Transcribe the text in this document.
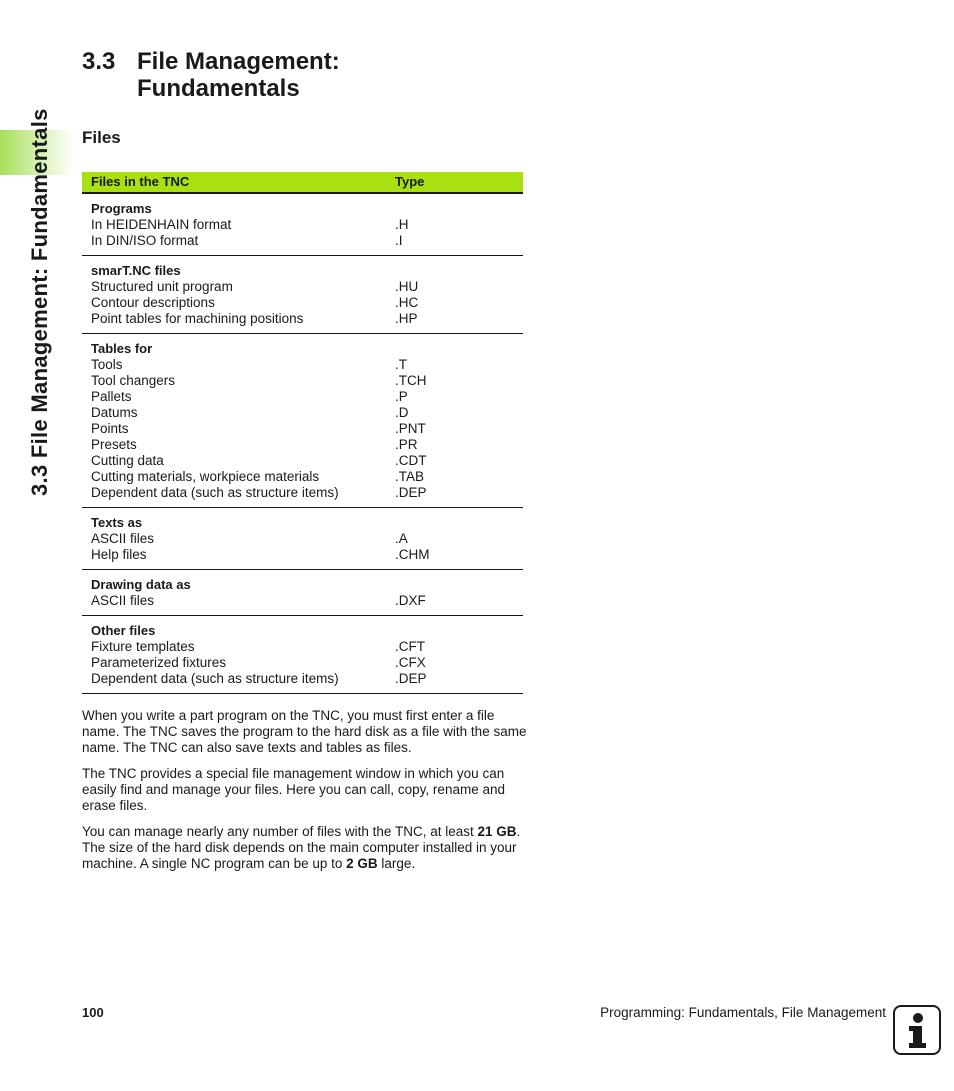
3.3 File Management: Fundamentals
3.3 File Management:
Fundamentals
Files
Files in the TNC	Type
Programs
In HEIDENHAIN format	.H
In DIN/ISO format	.I
smarT.NC files
Structured unit program	.HU
Contour descriptions	.HC
Point tables for machining positions	.HP
Tables for
Tools	.T
Tool changers	.TCH
Pallets	.P
Datums	.D
Points	.PNT
Presets	.PR
Cutting data	.CDT
Cutting materials, workpiece materials	.TAB
Dependent data (such as structure items)	.DEP
Texts as
ASCII files	.A
Help files	.CHM
Drawing data as
ASCII files	.DXF
Other files
Fixture templates	.CFT
Parameterized fixtures	.CFX
Dependent data (such as structure items)	.DEP

When you write a part program on the TNC, you must first enter a file name. The TNC saves the program to the hard disk as a file with the same name. The TNC can also save texts and tables as files.

The TNC provides a special file management window in which you can easily find and manage your files. Here you can call, copy, rename and erase files.

You can manage nearly any number of files with the TNC, at least 21 GB. The size of the hard disk depends on the main computer installed in your machine. A single NC program can be up to 2 GB large.

100	Programming: Fundamentals, File Management
